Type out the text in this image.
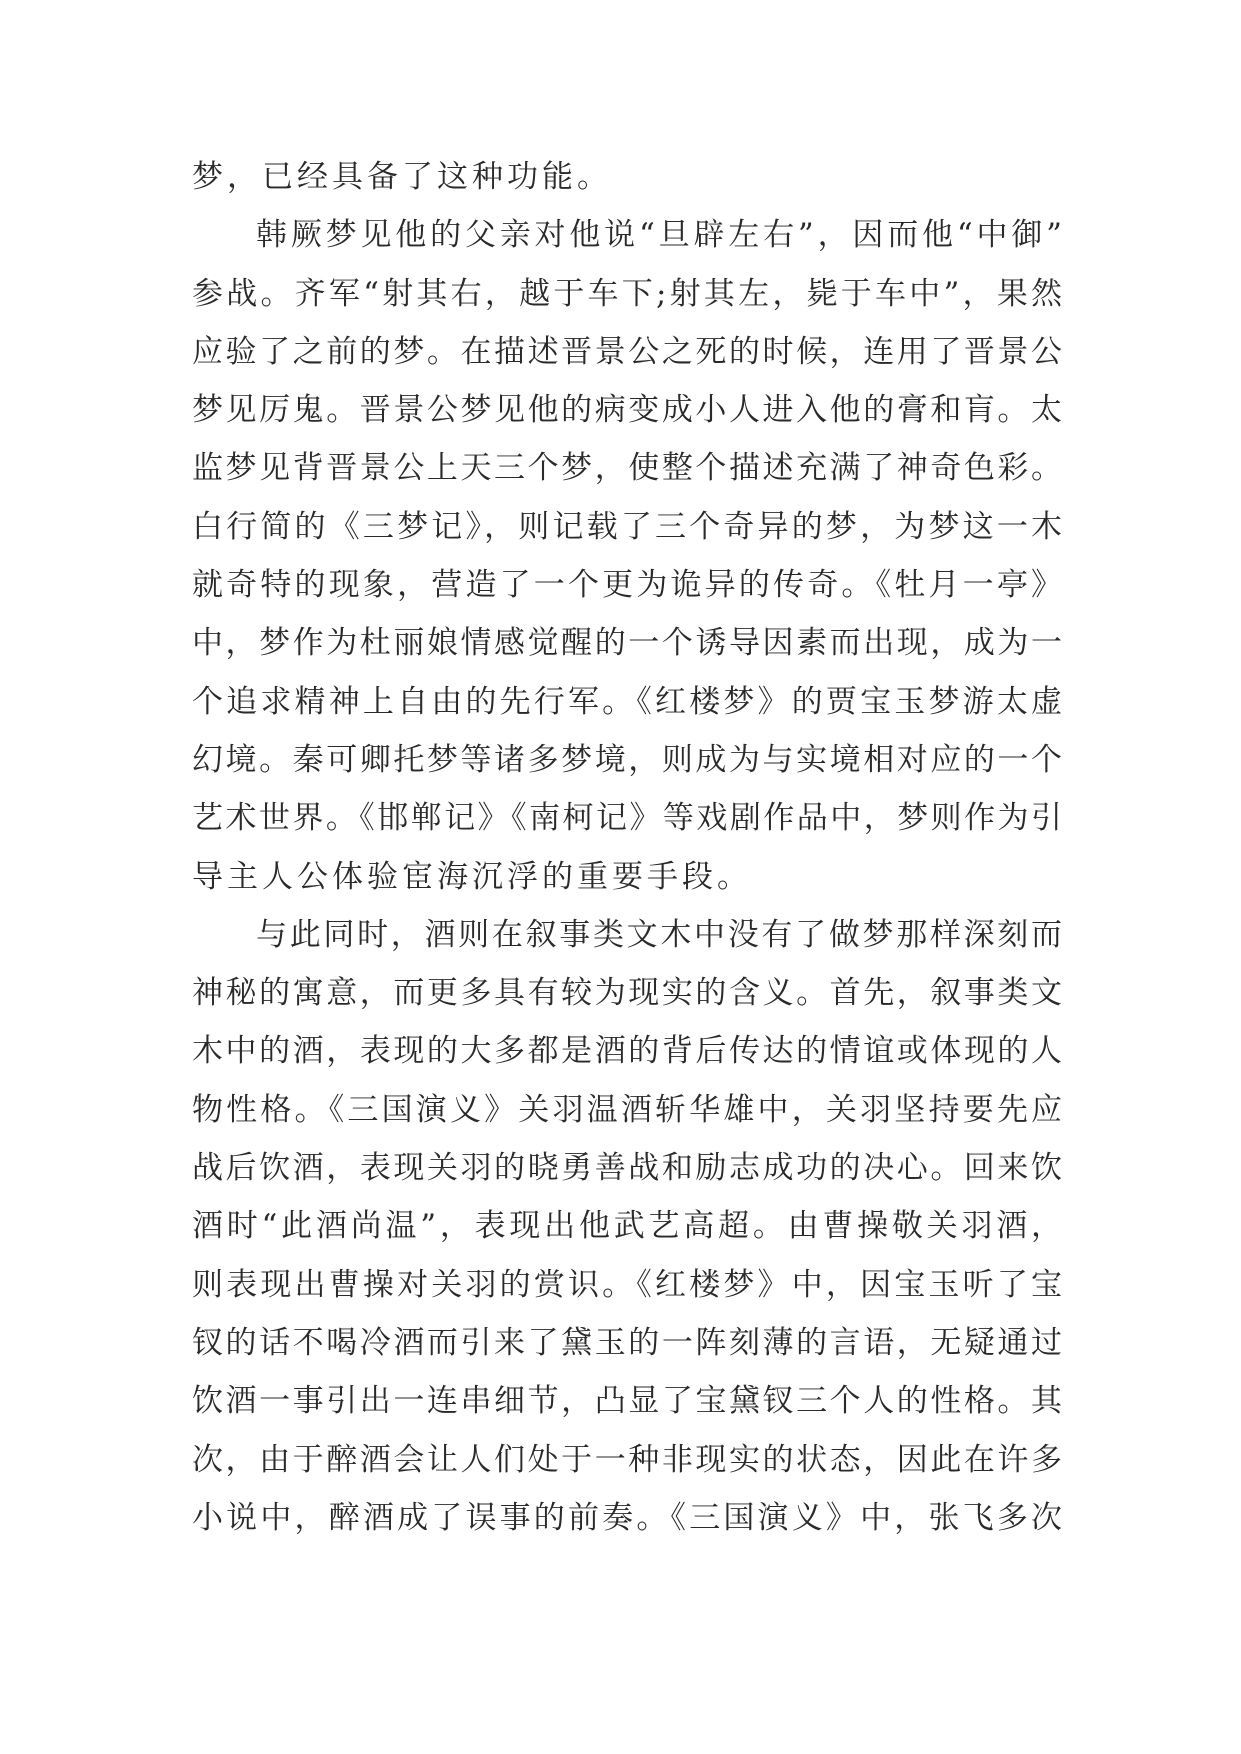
梦，已经具备了这种功能。
韩厥梦见他的父亲对他说“旦辟左右”，因而他“中御”
参战。齐军“射其右，越于车下;射其左，毙于车中”，果然
应验了之前的梦。在描述晋景公之死的时候，连用了晋景公
梦见厉鬼。晋景公梦见他的病变成小人进入他的膏和肓。太
监梦见背晋景公上天三个梦，使整个描述充满了神奇色彩。
白行简的《三梦记》，则记载了三个奇异的梦，为梦这一木
就奇特的现象，营造了一个更为诡异的传奇。《牡月一亭》
中，梦作为杜丽娘情感觉醒的一个诱导因素而出现，成为一
个追求精神上自由的先行军。《红楼梦》的贾宝玉梦游太虚
幻境。秦可卿托梦等诸多梦境，则成为与实境相对应的一个
艺术世界。《邯郸记》《南柯记》等戏剧作品中，梦则作为引
导主人公体验宦海沉浮的重要手段。
与此同时，酒则在叙事类文木中没有了做梦那样深刻而
神秘的寓意，而更多具有较为现实的含义。首先，叙事类文
木中的酒，表现的大多都是酒的背后传达的情谊或体现的人
物性格。《三国演义》关羽温酒斩华雄中，关羽坚持要先应
战后饮酒，表现关羽的晓勇善战和励志成功的决心。回来饮
酒时“此酒尚温”，表现出他武艺高超。由曹操敬关羽酒，
则表现出曹操对关羽的赏识。《红楼梦》中，因宝玉听了宝
钗的话不喝冷酒而引来了黛玉的一阵刻薄的言语，无疑通过
饮酒一事引出一连串细节，凸显了宝黛钗三个人的性格。其
次，由于醉酒会让人们处于一种非现实的状态，因此在许多
小说中，醉酒成了误事的前奏。《三国演义》中，张飞多次
